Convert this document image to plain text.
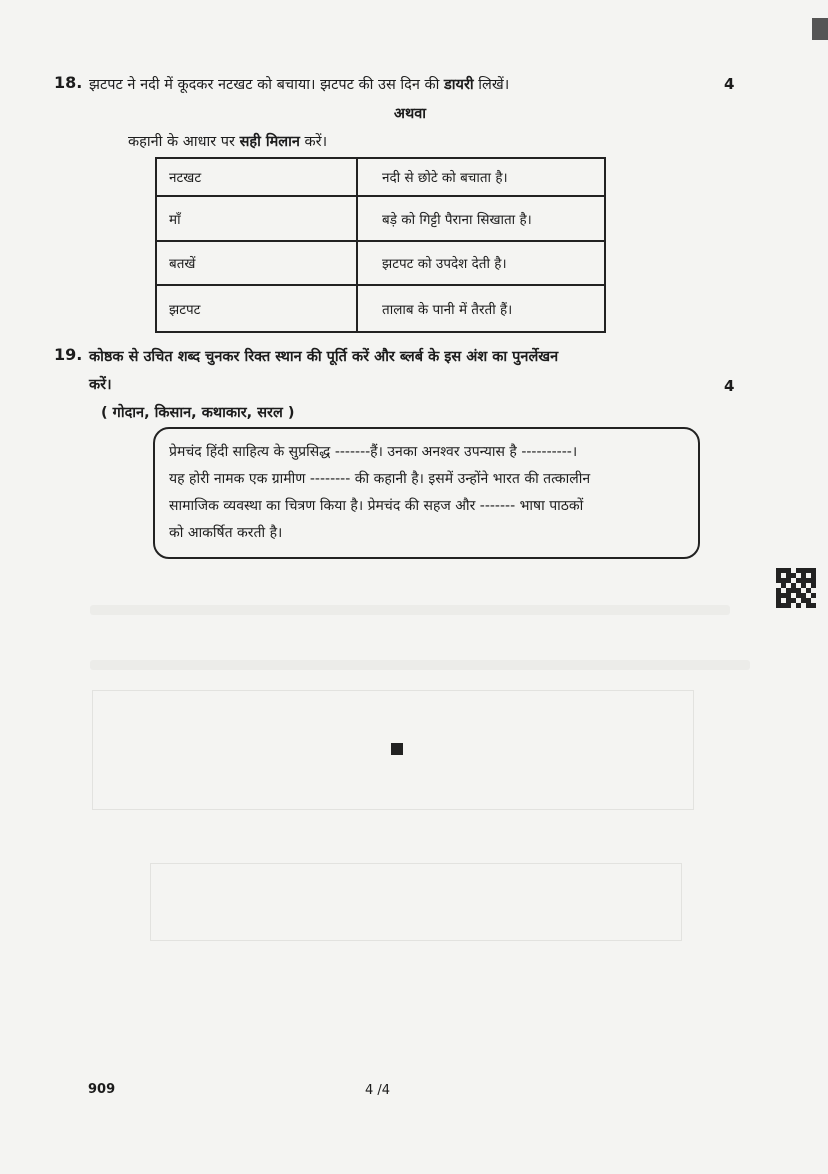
18. झटपट ने नदी में कूदकर नटखट को बचाया। झटपट की उस दिन की डायरी लिखें।	4
अथवा
कहानी के आधार पर सही मिलान करें।
नटखट	नदी से छोटे को बचाता है।
माँ	बड़े को गिट्टी पैराना सिखाता है।
बतखें	झटपट को उपदेश देती है।
झटपट	तालाब के पानी में तैरती हैं।
19. कोष्ठक से उचित शब्द चुनकर रिक्त स्थान की पूर्ति करें और ब्लर्ब के इस अंश का पुनर्लेखन
करें।	4
( गोदान, किसान, कथाकार, सरल )
प्रेमचंद हिंदी साहित्य के सुप्रसिद्ध -------हैं। उनका अनश्वर उपन्यास है ----------।
यह होरी नामक एक ग्रामीण -------- की कहानी है। इसमें उन्होंने भारत की तत्कालीन
सामाजिक व्यवस्था का चित्रण किया है। प्रेमचंद की सहज और ------- भाषा पाठकों
को आकर्षित करती है।
909	4 /4
